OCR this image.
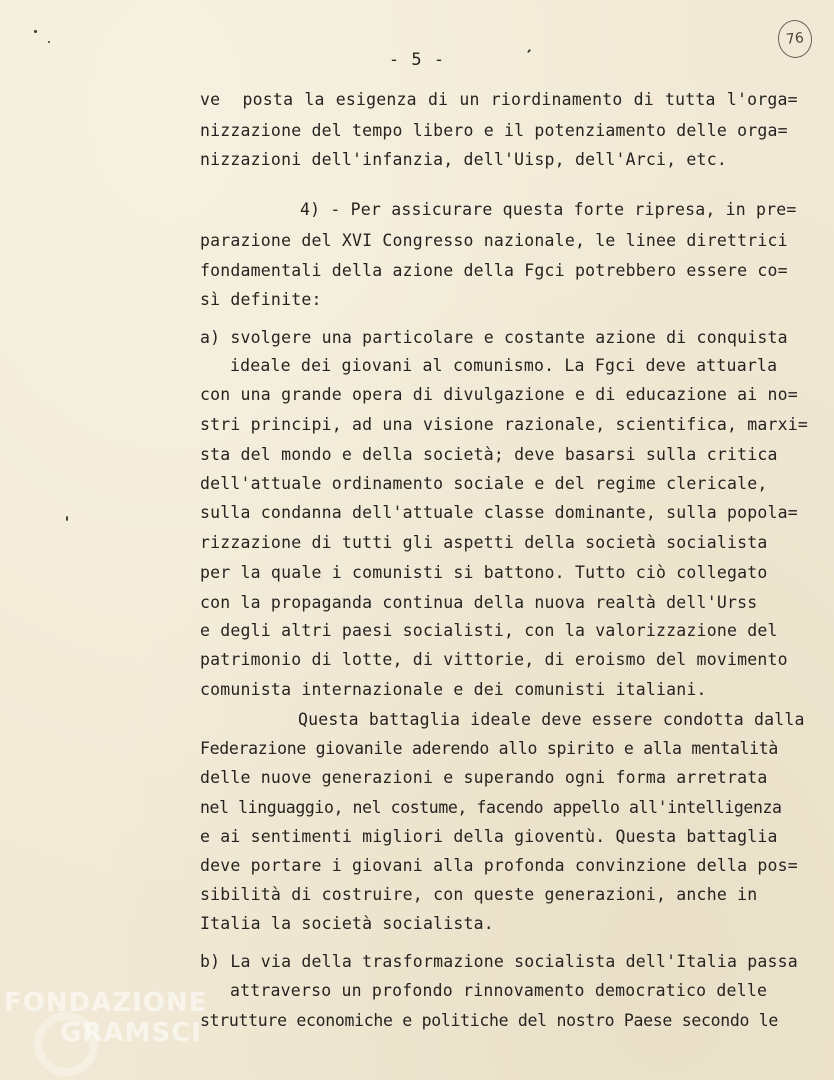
76
- 5 -
ve  posta la esigenza di un riordinamento di tutta l'orga=
nizzazione del tempo libero e il potenziamento delle orga=
nizzazioni dell'infanzia, dell'Uisp, dell'Arci, etc.
4) - Per assicurare questa forte ripresa, in pre=
parazione del XVI Congresso nazionale, le linee direttrici
fondamentali della azione della Fgci potrebbero essere co=
sì definite:
a) svolgere una particolare e costante azione di conquista
ideale dei giovani al comunismo. La Fgci deve attuarla
con una grande opera di divulgazione e di educazione ai no=
stri principi, ad una visione razionale, scientifica, marxi=
sta del mondo e della società; deve basarsi sulla critica
dell'attuale ordinamento sociale e del regime clericale,
sulla condanna dell'attuale classe dominante, sulla popola=
rizzazione di tutti gli aspetti della società socialista
per la quale i comunisti si battono. Tutto ciò collegato
con la propaganda continua della nuova realtà dell'Urss
e degli altri paesi socialisti, con la valorizzazione del
patrimonio di lotte, di vittorie, di eroismo del movimento
comunista internazionale e dei comunisti italiani.
Questa battaglia ideale deve essere condotta dalla
Federazione giovanile aderendo allo spirito e alla mentalità
delle nuove generazioni e superando ogni forma arretrata
nel linguaggio, nel costume, facendo appello all'intelligenza
e ai sentimenti migliori della gioventù. Questa battaglia
deve portare i giovani alla profonda convinzione della pos=
sibilità di costruire, con queste generazioni, anche in
Italia la società socialista.
b) La via della trasformazione socialista dell'Italia passa
attraverso un profondo rinnovamento democratico delle
strutture economiche e politiche del nostro Paese secondo le
FONDAZIONE
GRAMSCI
